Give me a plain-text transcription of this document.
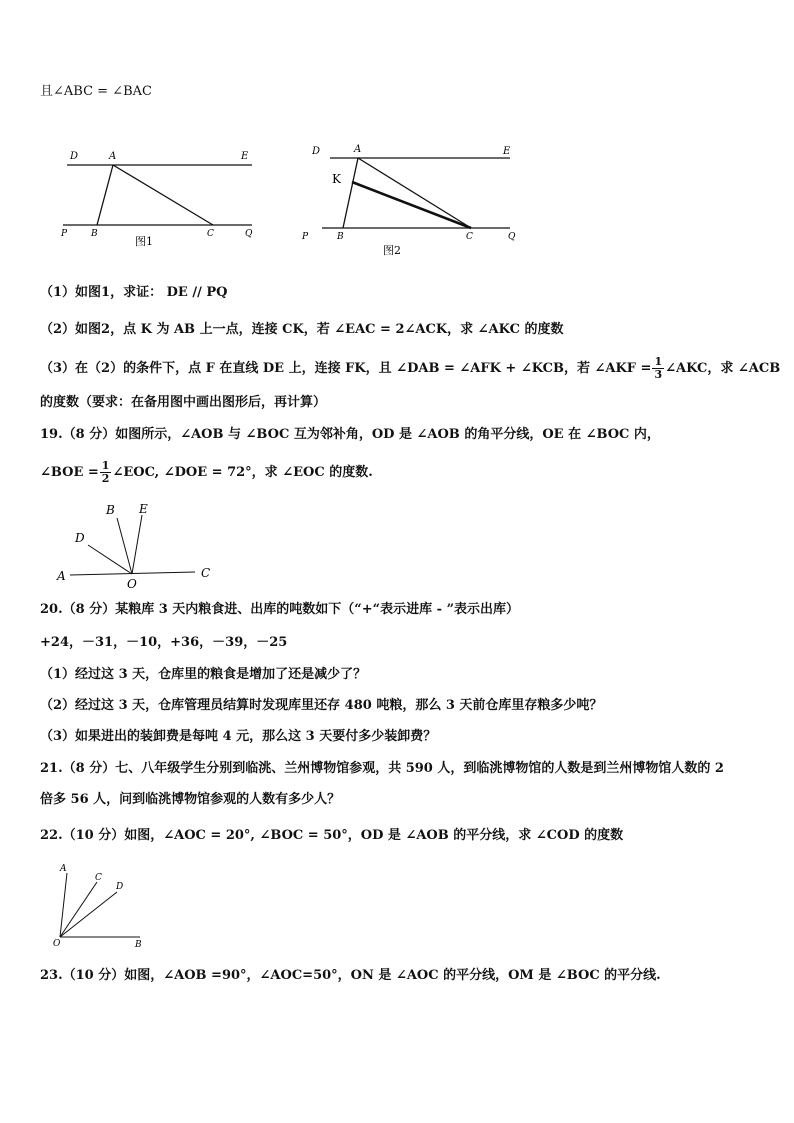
且∠ABC = ∠BAC
D	A	E
P	B	C	Q
图1
D	A	E
K
P	B	C	Q
图2
（1）如图1，求证： DE // PQ
（2）如图2，点 K 为 AB 上一点，连接 CK，若 ∠EAC = 2∠ACK，求 ∠AKC 的度数
（3）在（2）的条件下，点 F 在直线 DE 上，连接 FK，且 ∠DAB = ∠AFK + ∠KCB，若 ∠AKF = $\frac{1}{3}$ ∠AKC，求 ∠ACB
的度数（要求：在备用图中画出图形后，再计算）
19.（8 分）如图所示，∠AOB 与 ∠BOC 互为邻补角，OD 是 ∠AOB 的角平分线，OE 在 ∠BOC 内，
∠BOE = $\frac{1}{2}$ ∠EOC, ∠DOE = 72°，求 ∠EOC 的度数.
A
B E
D
O
C
20.（8 分）某粮库 3 天内粮食进、出库的吨数如下（“+“表示进库 - ”表示出库）
+24，－31，－10，+36，－39，－25
（1）经过这 3 天，仓库里的粮食是增加了还是减少了？
（2）经过这 3 天，仓库管理员结算时发现库里还存 480 吨粮，那么 3 天前仓库里存粮多少吨？
（3）如果进出的装卸费是每吨 4 元，那么这 3 天要付多少装卸费？
21.（8 分）七、八年级学生分别到临洮、兰州博物馆参观，共 590 人，到临洮博物馆的人数是到兰州博物馆人数的 2
倍多 56 人，问到临洮博物馆参观的人数有多少人？
22.（10 分）如图，∠AOC = 20°, ∠BOC = 50°，OD 是 ∠AOB 的平分线，求 ∠COD 的度数
A
C
D
O	B
23.（10 分）如图，∠AOB =90°，∠AOC=50°，ON 是 ∠AOC 的平分线，OM 是 ∠BOC 的平分线.
